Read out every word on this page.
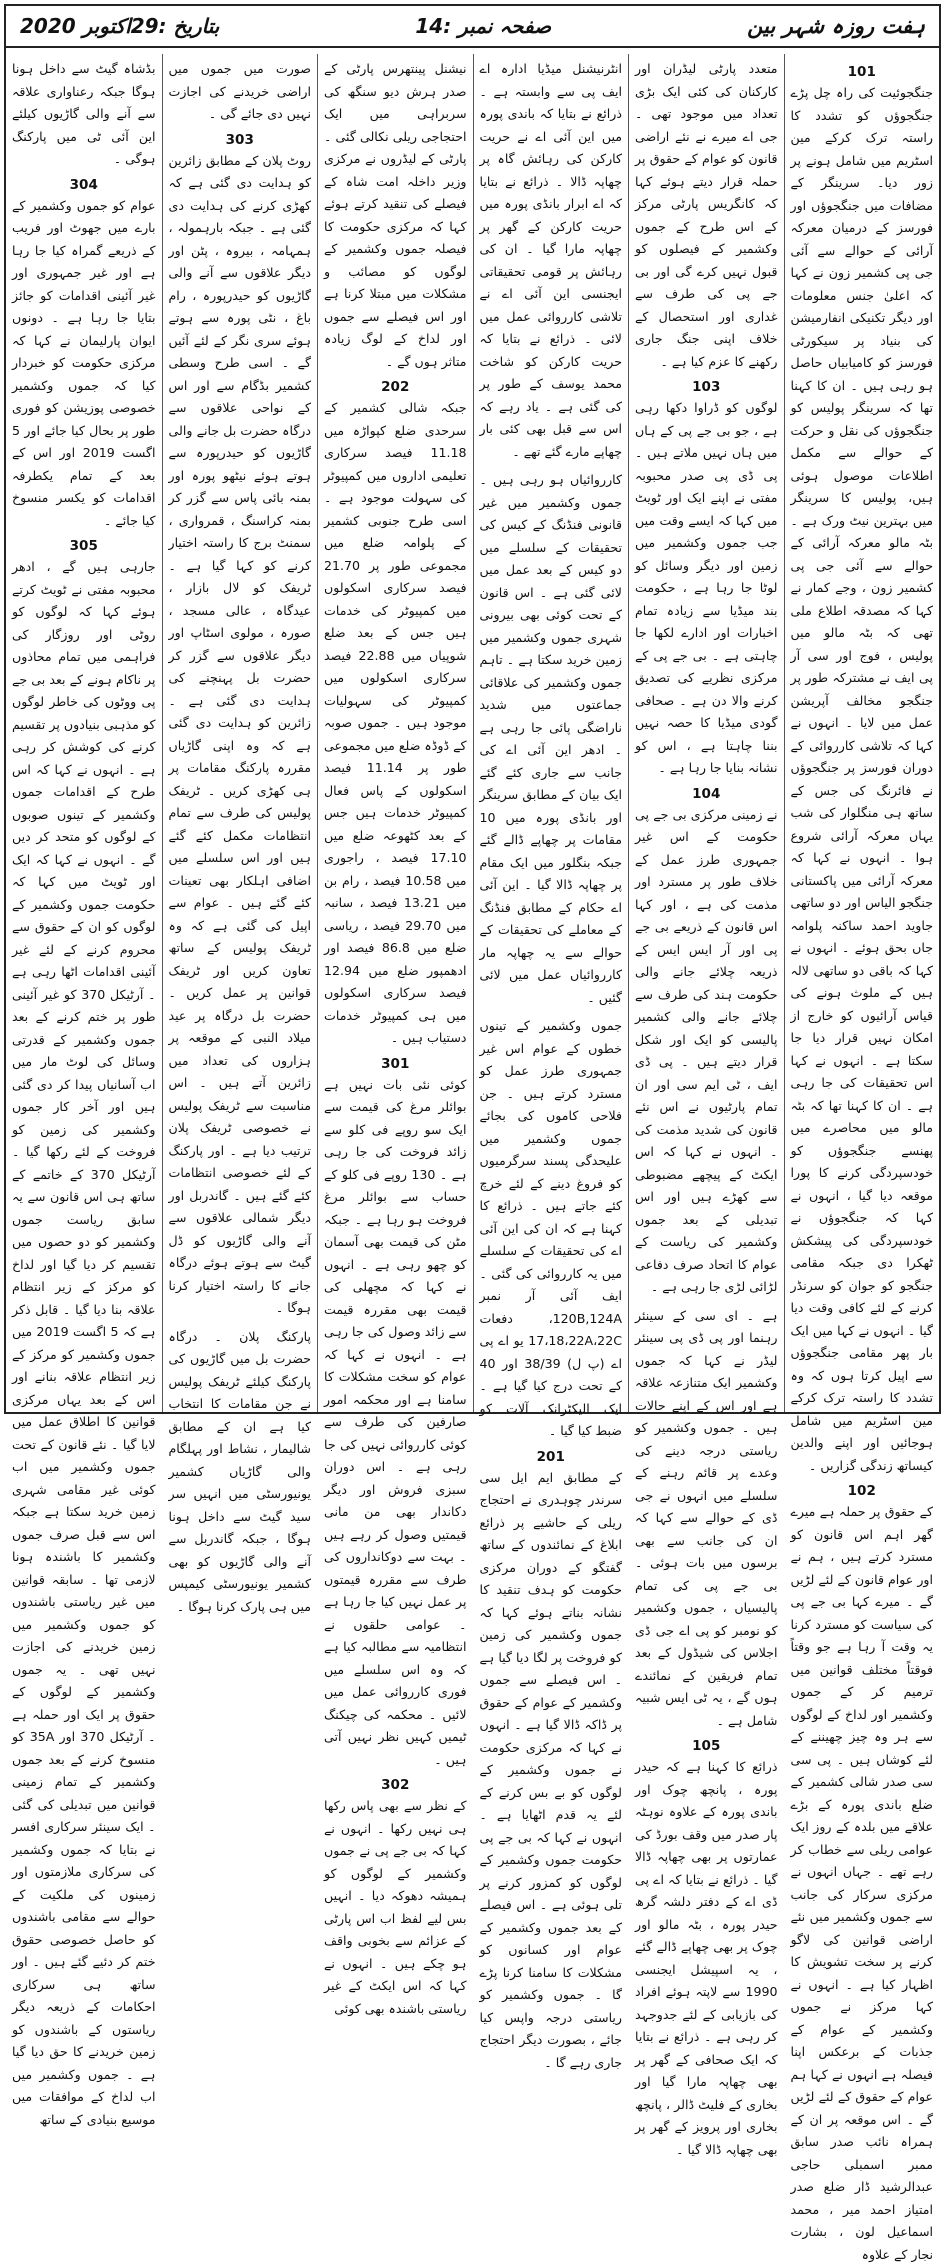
ہفت روزہ شہر بین
صفحہ نمبر :14
بتاریخ :29اکتوبر 2020
101

جنگجوئیت کی راہ چل پڑے جنگجوؤں کو تشدد کا راستہ ترک کرکے مین اسٹریم میں شامل ہونے پر زور دیا۔ سرینگر کے مضافات میں جنگجوؤں اور فورسز کے درمیان معرکہ آرائی کے حوالے سے آئی جی پی کشمیر زون نے کہا کہ اعلیٰ جنس معلومات اور دیگر تکنیکی انفارمیشن کی بنیاد پر سیکورٹی فورسز کو کامیابیاں حاصل ہو رہی ہیں ۔ ان کا کہنا تھا کہ سرینگر پولیس کو جنگجوؤں کی نقل و حرکت کے حوالے سے مکمل اطلاعات موصول ہوئی ہیں، پولیس کا سرینگر میں بہترین نیٹ ورک ہے ۔ بٹہ مالو معرکہ آرائی کے حوالے سے آئی جی پی کشمیر زون ، وجے کمار نے کہا کہ مصدقہ اطلاع ملی تھی کہ بٹہ مالو میں پولیس ، فوج اور سی آر پی ایف نے مشترکہ طور پر جنگجو مخالف آپریشن عمل میں لایا ۔ انہوں نے کہا کہ تلاشی کارروائی کے دوران فورسز پر جنگجوؤں نے فائرنگ کی جس کے ساتھ ہی منگلوار کی شب یہاں معرکہ آرائی شروع ہوا ۔ انہوں نے کہا کہ معرکہ آرائی میں پاکستانی جنگجو الیاس اور دو ساتھی جاوید احمد ساکنہ پلوامہ جاں بحق ہوئے ۔ انہوں نے کہا کہ باقی دو ساتھی لالہ ہیں کے ملوث ہونے کی قیاس آرائیوں کو خارج از امکان نہیں قرار دیا جا سکتا ہے ۔ انہوں نے کہا اس تحقیقات کی جا رہی ہے ۔ ان کا کہنا تھا کہ بٹہ مالو میں محاصرے میں پھنسے جنگجوؤں کو خودسپردگی کرنے کا پورا موقعہ دیا گیا ، انہوں نے کہا کہ جنگجوؤں نے خودسپردگی کی پیشکش ٹھکرا دی جبکہ مقامی جنگجو کو جوان کو سرنڈر کرنے کے لئے کافی وقت دیا گیا ۔ انہوں نے کہا میں ایک بار پھر مقامی جنگجوؤں سے اپیل کرتا ہوں کہ وہ تشدد کا راستہ ترک کرکے مین اسٹریم میں شامل ہوجائیں اور اپنے والدین کیساتھ زندگی گزاریں ۔

102

کے حقوق پر حملہ ہے میرے گھر اہم اس قانون کو مسترد کرتے ہیں ، ہم نے اور عوام قانون کے لئے لڑیں گے ۔ میرے کہا بی جے پی کی سیاست کو مسترد کرنا یہ وقت آ رہا ہے جو وقتاً فوقتاً مختلف قوانین میں ترمیم کر کے جموں وکشمیر اور لداخ کے لوگوں سے ہر وہ چیز چھیننے کے لئے کوشاں ہیں ۔ پی سی سی صدر شالی کشمیر کے ضلع باندی پورہ کے بڑے علاقے میں بلدہ کے روز ایک عوامی ریلی سے خطاب کر رہے تھے ۔ جہاں انہوں نے مرکزی سرکار کی جانب سے جموں وکشمیر میں نئے اراضی قوانین کی لاگو کرنے پر سخت تشویش کا اظہار کیا ہے ۔ انہوں نے کہا مرکز نے جموں وکشمیر کے عوام کے جذبات کے برعکس اپنا فیصلہ ہے انہوں نے کہا ہم عوام کے حقوق کے لئے لڑیں گے ۔ اس موقعہ پر ان کے ہمراہ نائب صدر سابق ممبر اسمبلی حاجی عبدالرشید ڈار ضلع صدر امتیاز احمد میر ، محمد اسماعیل لون ، بشارت نجار کے علاوہ

متعدد پارٹی لیڈران اور کارکنان کی کئی ایک بڑی تعداد میں موجود تھی ۔ جی اے میرے نے نئے اراضی قانون کو عوام کے حقوق پر حملہ قرار دیتے ہوئے کہا کہ کانگریس پارٹی مرکز کے اس طرح کے جموں وکشمیر کے فیصلوں کو قبول نہیں کرے گی اور بی جے پی کی طرف سے غداری اور استحصال کے خلاف اپنی جنگ جاری رکھنے کا عزم کیا ہے ۔

103

لوگوں کو ڈراوا دکھا رہی ہے ، جو بی جے پی کے ہاں میں ہاں نہیں ملاتے ہیں ۔ پی ڈی پی صدر محبوبہ مفتی نے اپنے ایک اور ٹویٹ میں کہا کہ ایسے وقت میں جب جموں وکشمیر میں زمین اور دیگر وسائل کو لوٹا جا رہا ہے ، حکومت بند میڈیا سے زیادہ تمام اخبارات اور ادارے لکھا جا چاہتی ہے ۔ بی جے پی کے مرکزی نظریے کی تصدیق کرنے والا دن ہے ۔ صحافی گودی میڈیا کا حصہ نہیں بننا چاہتا ہے ، اس کو نشانہ بنایا جا رہا ہے ۔

104

نے زمینی مرکزی بی جے پی حکومت کے اس غیر جمہوری طرز عمل کے خلاف طور پر مسترد اور مذمت کی ہے ، اور کہا اس قانون کے ذریعے بی جے پی اور آر ایس ایس کے ذریعہ چلائے جانے والی حکومت ہند کی طرف سے چلائے جانے والی کشمیر پالیسی کو ایک اور شکل قرار دیتے ہیں ۔ پی ڈی ایف ، ٹی ایم سی اور ان تمام پارٹیوں نے اس نئے قانون کی شدید مذمت کی ۔ انہوں نے کہا کہ اس ایکٹ کے پیچھے مضبوطی سے کھڑے ہیں اور اس تبدیلی کے بعد جموں وکشمیر کی ریاست کے عوام کا اتحاد صرف دفاعی لڑائی لڑی جا رہی ہے ۔

ہے ۔ ای سی کے سینئر رہنما اور پی ڈی پی سینئر لیڈر نے کہا کہ جموں وکشمیر ایک متنازعہ علاقہ ہے اور اس کے اپنے حالات ہیں ۔ جموں وکشمیر کو ریاستی درجہ دینے کی وعدے پر قائم رہنے کے سلسلے میں انہوں نے جی ڈی کے حوالے سے کہا کہ ان کی جانب سے بھی برسوں میں بات ہوئی ۔ بی جے پی کی تمام پالیسیاں ، جموں وکشمیر کو نومبر کو پی اے جی ڈی اجلاس کی شیڈول کے بعد تمام فریقین کے نمائندے ہوں گے ، یہ ٹی ایس شبیہ شامل ہے ۔

105

ذرائع کا کہنا ہے کہ حیدر پورہ ، پانچھ چوک اور باندی پورہ کے علاوہ نوہٹہ پار صدر میں وقف بورڈ کی عمارتوں پر بھی چھاپہ ڈالا گیا ۔ ذرائع نے بتایا کہ اے پی ڈی اے کے دفتر دلشہ گرھ حیدر پورہ ، بٹہ مالو اور چوک پر بھی چھاپے ڈالے گئے ، یہ اسپیشل ایجنسی 1990 سے لاپتہ ہوئے افراد کی بازیابی کے لئے جدوجہد کر رہی ہے ۔ ذرائع نے بتایا کہ ایک صحافی کے گھر پر بھی چھاپہ مارا گیا اور بخاری کے فلیٹ ڈالر ، پانچھ بخاری اور پرویز کے گھر پر بھی چھاپہ ڈالا گیا ۔

انٹرنیشنل میڈیا ادارہ اے ایف پی سے وابستہ ہے ۔ ذرائع نے بتایا کہ باندی پورہ میں این آئی اے نے حریت کارکن کی رہائش گاہ پر چھاپہ ڈالا ۔ ذرائع نے بتایا کہ اے ابرار بانڈی پورہ میں حریت کارکن کے گھر پر چھاپہ مارا گیا ۔ ان کی رہائش پر قومی تحقیقاتی ایجنسی این آئی اے نے تلاشی کارروائی عمل میں لائی ۔ ذرائع نے بتایا کہ حریت کارکن کو شاخت محمد یوسف کے طور پر کی گئی ہے ۔ یاد رہے کہ اس سے قبل بھی کئی بار چھاپے مارے گئے تھے ۔

کارروائیاں ہو رہی ہیں ۔ جموں وکشمیر میں غیر قانونی فنڈنگ کے کیس کی تحقیقات کے سلسلے میں دو کیس کے بعد عمل میں لائی گئی ہے ۔ اس قانون کے تحت کوئی بھی بیرونی شہری جموں وکشمیر میں زمین خرید سکتا ہے ۔ تاہم جموں وکشمیر کی علاقائی جماعتوں میں شدید ناراضگی پائی جا رہی ہے ۔ ادھر این آئی اے کی جانب سے جاری کئے گئے ایک بیان کے مطابق سرینگر اور بانڈی پورہ میں 10 مقامات پر چھاپے ڈالے گئے جبکہ بنگلور میں ایک مقام پر چھاپہ ڈالا گیا ۔ این آئی اے حکام کے مطابق فنڈنگ کے معاملے کی تحقیقات کے حوالے سے یہ چھاپہ مار کارروائیاں عمل میں لائی گئیں ۔

جموں وکشمیر کے تینوں خطوں کے عوام اس غیر جمہوری طرز عمل کو مسترد کرتے ہیں ۔ جن فلاحی کاموں کی بجائے جموں وکشمیر میں علیحدگی پسند سرگرمیوں کو فروغ دینے کے لئے خرچ کئے جاتے ہیں ۔ ذرائع کا کہنا ہے کہ ان کی این آئی اے کی تحقیقات کے سلسلے میں یہ کارروائی کی گئی ۔ ایف آئی آر نمبر 120B,124A، دفعات 17،18،22A،22C یو اے پی اے (پ ل) 38/39 اور 40 کے تحت درج کیا گیا ہے ۔ ایک الیکٹرانک آلات کو ضبط کیا گیا ۔

201

کے مطابق ایم ایل سی سرندر چوہدری نے احتجاج ریلی کے حاشیے پر ذرائع ابلاغ کے نمائندوں کے ساتھ گفتگو کے دوران مرکزی حکومت کو ہدف تنقید کا نشانہ بناتے ہوئے کہا کہ جموں وکشمیر کی زمین کو فروخت پر لگا دیا گیا ہے ۔ اس فیصلے سے جموں وکشمیر کے عوام کے حقوق پر ڈاکہ ڈالا گیا ہے ۔ انہوں نے کہا کہ مرکزی حکومت نے جموں وکشمیر کے لوگوں کو بے بس کرنے کے لئے یہ قدم اٹھایا ہے ۔ انہوں نے کہا کہ بی جے پی حکومت جموں وکشمیر کے لوگوں کو کمزور کرنے پر تلی ہوئی ہے ۔ اس فیصلے کے بعد جموں وکشمیر کے عوام اور کسانوں کو مشکلات کا سامنا کرنا پڑے گا ۔ جموں وکشمیر کو ریاستی درجہ واپس کیا جائے ، بصورت دیگر احتجاج جاری رہے گا ۔

نیشنل پینتھرس پارٹی کے صدر ہرش دیو سنگھ کی سربراہی میں ایک احتجاجی ریلی نکالی گئی ۔ پارٹی کے لیڈروں نے مرکزی وزیر داخلہ امت شاہ کے فیصلے کی تنقید کرتے ہوئے کہا کہ مرکزی حکومت کا فیصلہ جموں وکشمیر کے لوگوں کو مصائب و مشکلات میں مبتلا کرنا ہے اور اس فیصلے سے جموں اور لداخ کے لوگ زیادہ متاثر ہوں گے ۔

202

جبکہ شالی کشمیر کے سرحدی ضلع کپواڑہ میں 11.18 فیصد سرکاری تعلیمی اداروں میں کمپیوٹر کی سہولت موجود ہے ۔ اسی طرح جنوبی کشمیر کے پلوامہ ضلع میں مجموعی طور پر 21.70 فیصد سرکاری اسکولوں میں کمپیوٹر کی خدمات ہیں جس کے بعد ضلع شوپیاں میں 22.88 فیصد سرکاری اسکولوں میں کمپیوٹر کی سہولیات موجود ہیں ۔ جموں صوبہ کے ڈوڈہ ضلع میں مجموعی طور پر 11.14 فیصد اسکولوں کے پاس فعال کمپیوٹر خدمات ہیں جس کے بعد کٹھوعہ ضلع میں 17.10 فیصد ، راجوری میں 10.58 فیصد ، رام بن میں 13.21 فیصد ، سانبہ میں 29.70 فیصد ، ریاسی ضلع میں 86.8 فیصد اور ادھمپور ضلع میں 12.94 فیصد سرکاری اسکولوں میں ہی کمپیوٹر خدمات دستیاب ہیں ۔

301

کوئی نئی بات نہیں ہے بوائلر مرغ کی قیمت سے ایک سو روپے فی کلو سے زائد فروخت کی جا رہی ہے ۔ 130 روپے فی کلو کے حساب سے بوائلر مرغ فروخت ہو رہا ہے ۔ جبکہ مٹن کی قیمت بھی آسمان کو چھو رہی ہے ۔ انہوں نے کہا کہ مچھلی کی قیمت بھی مقررہ قیمت سے زائد وصول کی جا رہی ہے ۔ انہوں نے کہا کہ عوام کو سخت مشکلات کا سامنا ہے اور محکمہ امور صارفین کی طرف سے کوئی کارروائی نہیں کی جا رہی ہے ۔ اس دوران سبزی فروش اور دیگر دکاندار بھی من مانی قیمتیں وصول کر رہے ہیں ۔ بہت سے دوکانداروں کی طرف سے مقررہ قیمتوں پر عمل نہیں کیا جا رہا ہے ۔ عوامی حلقوں نے انتظامیہ سے مطالبہ کیا ہے کہ وہ اس سلسلے میں فوری کارروائی عمل میں لائیں ۔ محکمہ کی چیکنگ ٹیمیں کہیں نظر نہیں آتی ہیں ۔

302

کے نظر سے بھی پاس رکھا ہی نہیں رکھا ۔ انہوں نے کہا کہ بی جے پی نے جموں وکشمیر کے لوگوں کو ہمیشہ دھوکہ دیا ۔ انہیں بس لیے لفظ اب اس پارٹی کے عزائم سے بخوبی واقف ہو چکے ہیں ۔ انہوں نے کہا کہ اس ایکٹ کے غیر ریاستی باشندہ بھی کوئی

صورت میں جموں میں اراضی خریدنے کی اجازت نہیں دی جائے گی ۔

303

روٹ پلان کے مطابق زائرین کو ہدایت دی گئی ہے کہ کھڑی کرنے کی ہدایت دی گئی ہے ۔ جبکہ بارہمولہ ، ہمہامہ ، بیروہ ، پٹن اور دیگر علاقوں سے آنے والی گاڑیوں کو حیدرپورہ ، رام باغ ، نٹی پورہ سے ہوتے ہوئے سری نگر کے لئے آئیں گے ۔ اسی طرح وسطی کشمیر بڈگام سے اور اس کے نواحی علاقوں سے درگاہ حضرت بل جانے والی گاڑیوں کو حیدرپورہ سے ہوتے ہوئے نیٹھو پورہ اور بمنہ بائی پاس سے گزر کر بمنہ کراسنگ ، قمرواری ، سمنٹ برج کا راستہ اختیار کرنے کو کہا گیا ہے ۔ ٹریفک کو لال بازار ، عیدگاہ ، عالی مسجد ، صورہ ، مولوی اسٹاپ اور دیگر علاقوں سے گزر کر حضرت بل پہنچنے کی ہدایت دی گئی ہے ۔ زائرین کو ہدایت دی گئی ہے کہ وہ اپنی گاڑیاں مقررہ پارکنگ مقامات پر ہی کھڑی کریں ۔ ٹریفک پولیس کی طرف سے تمام انتظامات مکمل کئے گئے ہیں اور اس سلسلے میں اضافی اہلکار بھی تعینات کئے گئے ہیں ۔ عوام سے اپیل کی گئی ہے کہ وہ ٹریفک پولیس کے ساتھ تعاون کریں اور ٹریفک قوانین پر عمل کریں ۔ حضرت بل درگاہ پر عید میلاد النبی کے موقعہ پر ہزاروں کی تعداد میں زائرین آتے ہیں ۔ اس مناسبت سے ٹریفک پولیس نے خصوصی ٹریفک پلان ترتیب دیا ہے ۔ اور پارکنگ کے لئے خصوصی انتظامات کئے گئے ہیں ۔ گاندربل اور دیگر شمالی علاقوں سے آنے والی گاڑیوں کو ڈل گیٹ سے ہوتے ہوئے درگاہ جانے کا راستہ اختیار کرنا ہوگا ۔

پارکنگ پلان ۔ درگاہ حضرت بل میں گاڑیوں کی پارکنگ کیلئے ٹریفک پولیس نے جن مقامات کا انتخاب کیا ہے ان کے مطابق شالیمار ، نشاط اور پہلگام والی گاڑیاں کشمیر یونیورسٹی میں انہیں سر سید گیٹ سے داخل ہونا ہوگا ، جبکہ گاندربل سے آنے والی گاڑیوں کو بھی کشمیر یونیورسٹی کیمپس میں ہی پارک کرنا ہوگا ۔

بڈشاہ گیٹ سے داخل ہونا ہوگا جبکہ رعناواری علاقہ سے آنے والی گاڑیوں کیلئے این آئی ٹی میں پارکنگ ہوگی ۔

304

عوام کو جموں وکشمیر کے بارے میں جھوٹ اور فریب کے ذریعے گمراہ کیا جا رہا ہے اور غیر جمہوری اور غیر آئینی اقدامات کو جائز بتایا جا رہا ہے ۔ دونوں ایوان پارلیمان نے کہا کہ مرکزی حکومت کو خبردار کیا کہ جموں وکشمیر خصوصی پوزیشن کو فوری طور پر بحال کیا جائے اور 5 اگست 2019 اور اس کے بعد کے تمام یکطرفہ اقدامات کو یکسر منسوخ کیا جائے ۔

305

جارہی ہیں گے ، ادھر محبوبہ مفتی نے ٹویٹ کرتے ہوئے کہا کہ لوگوں کو روٹی اور روزگار کی فراہمی میں تمام محاذوں پر ناکام ہونے کے بعد بی جے پی ووٹوں کی خاطر لوگوں کو مذہبی بنیادوں پر تقسیم کرنے کی کوشش کر رہی ہے ۔ انہوں نے کہا کہ اس طرح کے اقدامات جموں وکشمیر کے تینوں صوبوں کے لوگوں کو متحد کر دیں گے ۔ انہوں نے کہا کہ ایک اور ٹویٹ میں کہا کہ حکومت جموں وکشمیر کے لوگوں کو ان کے حقوق سے محروم کرنے کے لئے غیر آئینی اقدامات اٹھا رہی ہے ۔ آرٹیکل 370 کو غیر آئینی طور پر ختم کرنے کے بعد جموں وکشمیر کے قدرتی وسائل کی لوٹ مار میں اب آسانیاں پیدا کر دی گئی ہیں اور آخر کار جموں وکشمیر کی زمین کو فروخت کے لئے رکھا گیا ۔ آرٹیکل 370 کے خاتمے کے ساتھ ہی اس قانون سے یہ سابق ریاست جموں وکشمیر کو دو حصوں میں تقسیم کر دیا گیا اور لداخ کو مرکز کے زیر انتظام علاقہ بنا دیا گیا ۔ قابل ذکر ہے کہ 5 اگست 2019 میں جموں وکشمیر کو مرکز کے زیر انتظام علاقہ بنانے اور اس کے بعد یہاں مرکزی قوانین کا اطلاق عمل میں لایا گیا ۔ نئے قانون کے تحت جموں وکشمیر میں اب کوئی غیر مقامی شہری زمین خرید سکتا ہے جبکہ اس سے قبل صرف جموں وکشمیر کا باشندہ ہونا لازمی تھا ۔ سابقہ قوانین میں غیر ریاستی باشندوں کو جموں وکشمیر میں زمین خریدنے کی اجازت نہیں تھی ۔ یہ جموں وکشمیر کے لوگوں کے حقوق پر ایک اور حملہ ہے ۔ آرٹیکل 370 اور 35A کو منسوخ کرنے کے بعد جموں وکشمیر کے تمام زمینی قوانین میں تبدیلی کی گئی ۔ ایک سینئر سرکاری افسر نے بتایا کہ جموں وکشمیر کی سرکاری ملازمتوں اور زمینوں کی ملکیت کے حوالے سے مقامی باشندوں کو حاصل خصوصی حقوق ختم کر دئیے گئے ہیں ۔ اور ساتھ ہی سرکاری احکامات کے ذریعہ دیگر ریاستوں کے باشندوں کو زمین خریدنے کا حق دیا گیا ہے ۔ جموں وکشمیر میں اب لداخ کے موافقات میں موسیع بنیادی کے ساتھ
